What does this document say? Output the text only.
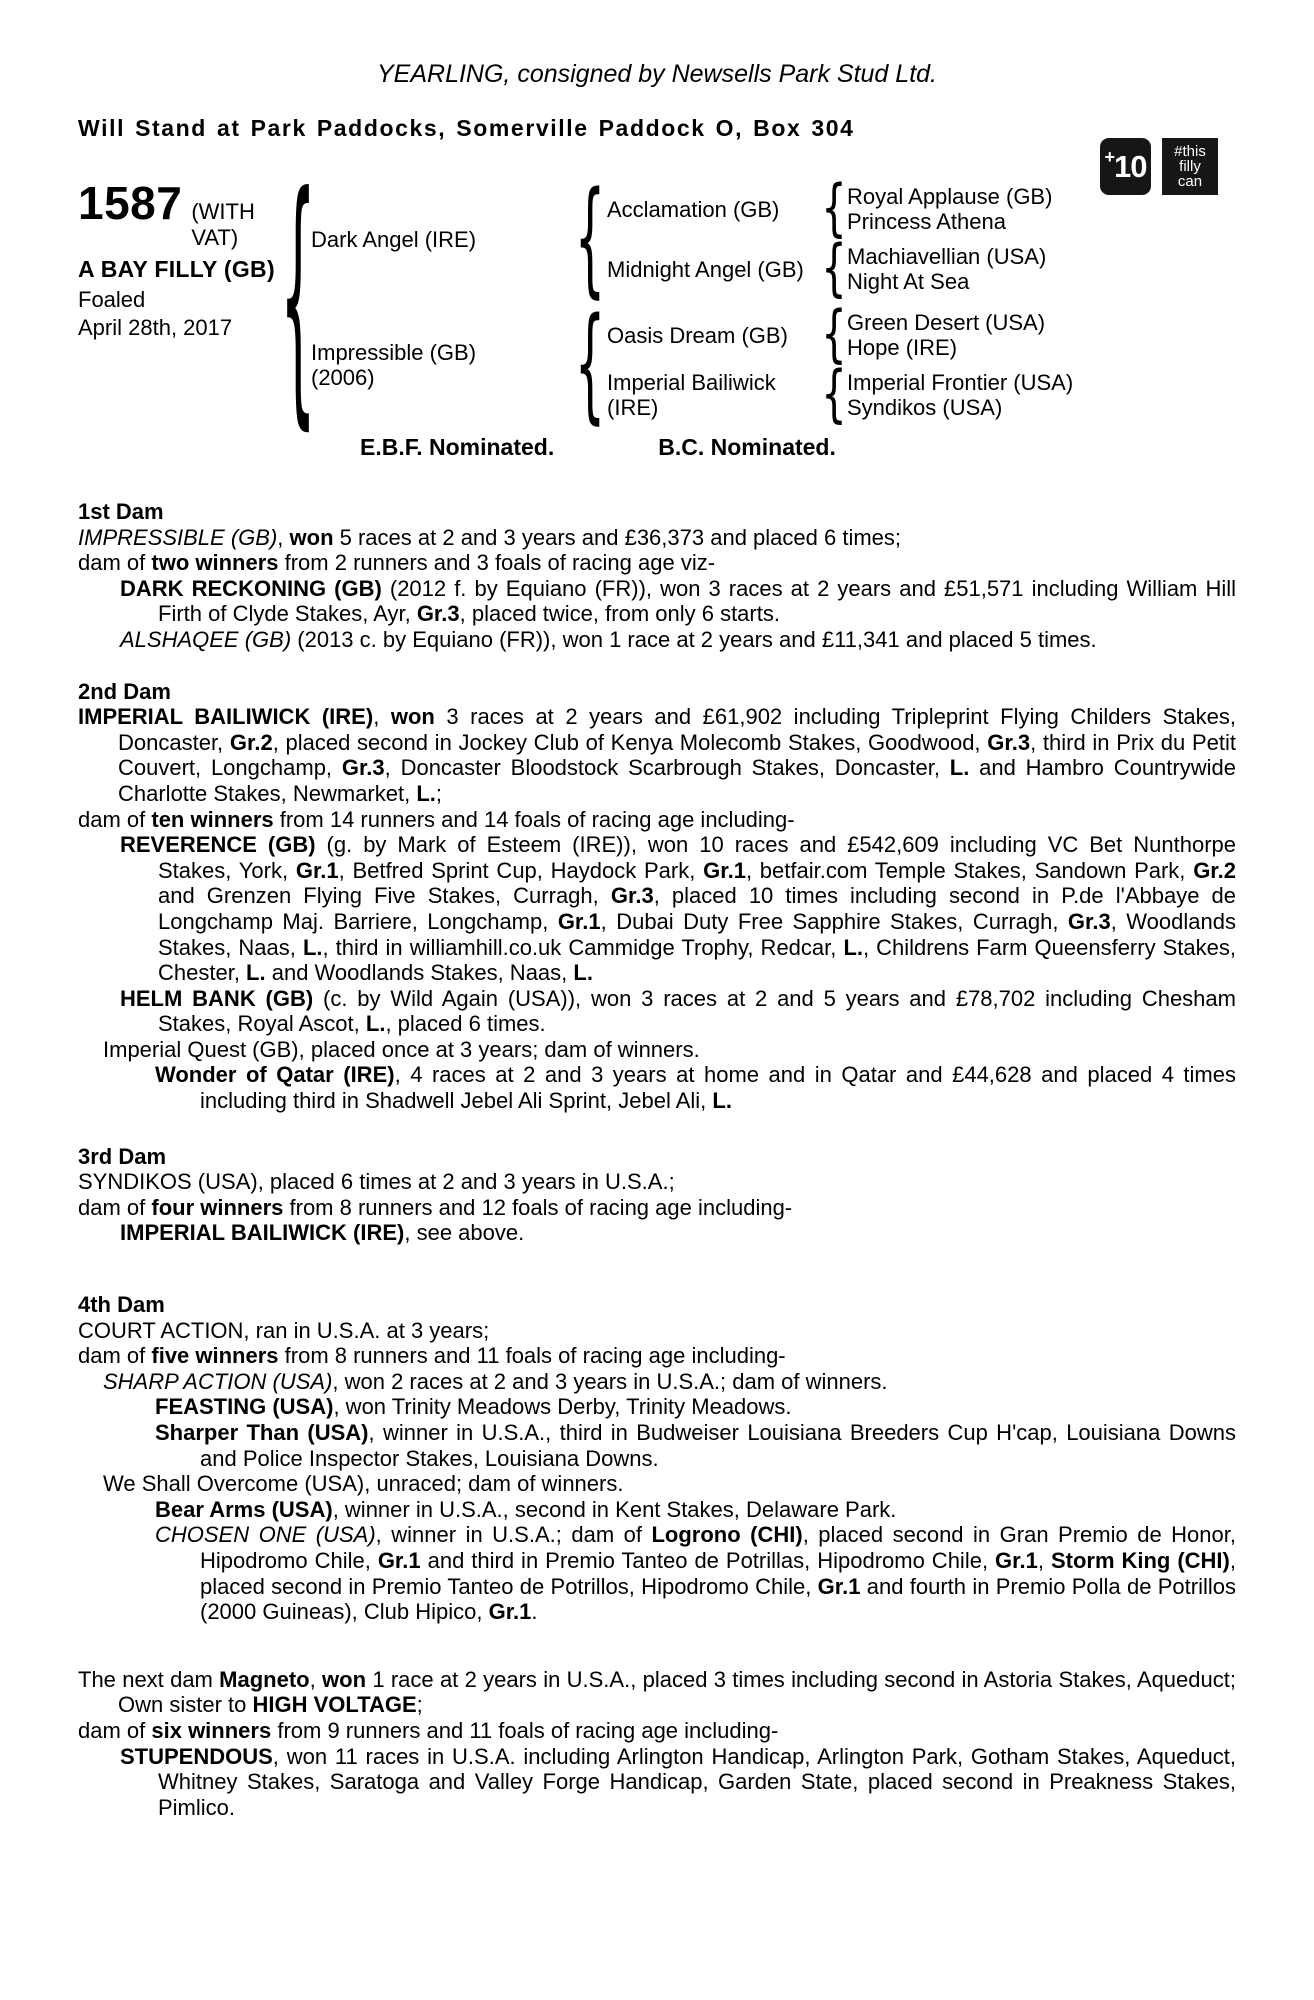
YEARLING, consigned by Newsells Park Stud Ltd.
Will Stand at Park Paddocks, Somerville Paddock O, Box 304
1587 (WITH VAT)
A BAY FILLY (GB)
Foaled
April 28th, 2017
{
Dark Angel (IRE)
{
Acclamation (GB) {	Royal Applause (GB)
Princess Athena
Midnight Angel (GB) {	Machiavellian (USA)
Night At Sea
Impressible (GB)
(2006)
{
Oasis Dream (GB) {	Green Desert (USA)
Hope (IRE)
Imperial Bailiwick (IRE)
{
Imperial Frontier (USA)
Syndikos (USA)
E.B.F. Nominated.	B.C. Nominated.
1st Dam

IMPRESSIBLE (GB), won 5 races at 2 and 3 years and £36,373 and placed 6 times;

dam of two winners from 2 runners and 3 foals of racing age viz-

DARK RECKONING (GB) (2012 f. by Equiano (FR)), won 3 races at 2 years and £51,571 including William Hill Firth of Clyde Stakes, Ayr, Gr.3, placed twice, from only 6 starts.

ALSHAQEE (GB) (2013 c. by Equiano (FR)), won 1 race at 2 years and £11,341 and placed 5 times.

2nd Dam

IMPERIAL BAILIWICK (IRE), won 3 races at 2 years and £61,902 including Tripleprint Flying Childers Stakes, Doncaster, Gr.2, placed second in Jockey Club of Kenya Molecomb Stakes, Goodwood, Gr.3, third in Prix du Petit Couvert, Longchamp, Gr.3, Doncaster Bloodstock Scarbrough Stakes, Doncaster, L. and Hambro Countrywide Charlotte Stakes, Newmarket, L.;

dam of ten winners from 14 runners and 14 foals of racing age including-

REVERENCE (GB) (g. by Mark of Esteem (IRE)), won 10 races and £542,609 including VC Bet Nunthorpe Stakes, York, Gr.1, Betfred Sprint Cup, Haydock Park, Gr.1, betfair.com Temple Stakes, Sandown Park, Gr.2 and Grenzen Flying Five Stakes, Curragh, Gr.3, placed 10 times including second in P.de l'Abbaye de Longchamp Maj. Barriere, Longchamp, Gr.1, Dubai Duty Free Sapphire Stakes, Curragh, Gr.3, Woodlands Stakes, Naas, L., third in williamhill.co.uk Cammidge Trophy, Redcar, L., Childrens Farm Queensferry Stakes, Chester, L. and Woodlands Stakes, Naas, L.

HELM BANK (GB) (c. by Wild Again (USA)), won 3 races at 2 and 5 years and £78,702 including Chesham Stakes, Royal Ascot, L., placed 6 times.

Imperial Quest (GB), placed once at 3 years; dam of winners.

Wonder of Qatar (IRE), 4 races at 2 and 3 years at home and in Qatar and £44,628 and placed 4 times including third in Shadwell Jebel Ali Sprint, Jebel Ali, L.

3rd Dam

SYNDIKOS (USA), placed 6 times at 2 and 3 years in U.S.A.;

dam of four winners from 8 runners and 12 foals of racing age including-

IMPERIAL BAILIWICK (IRE), see above.

4th Dam

COURT ACTION, ran in U.S.A. at 3 years;

dam of five winners from 8 runners and 11 foals of racing age including-

SHARP ACTION (USA), won 2 races at 2 and 3 years in U.S.A.; dam of winners.

FEASTING (USA), won Trinity Meadows Derby, Trinity Meadows.

Sharper Than (USA), winner in U.S.A., third in Budweiser Louisiana Breeders Cup H'cap, Louisiana Downs and Police Inspector Stakes, Louisiana Downs.

We Shall Overcome (USA), unraced; dam of winners.

Bear Arms (USA), winner in U.S.A., second in Kent Stakes, Delaware Park.

CHOSEN ONE (USA), winner in U.S.A.; dam of Logrono (CHI), placed second in Gran Premio de Honor, Hipodromo Chile, Gr.1 and third in Premio Tanteo de Potrillas, Hipodromo Chile, Gr.1, Storm King (CHI), placed second in Premio Tanteo de Potrillos, Hipodromo Chile, Gr.1 and fourth in Premio Polla de Potrillos (2000 Guineas), Club Hipico, Gr.1.

The next dam Magneto, won 1 race at 2 years in U.S.A., placed 3 times including second in Astoria Stakes, Aqueduct; Own sister to HIGH VOLTAGE;

dam of six winners from 9 runners and 11 foals of racing age including-

STUPENDOUS, won 11 races in U.S.A. including Arlington Handicap, Arlington Park, Gotham Stakes, Aqueduct, Whitney Stakes, Saratoga and Valley Forge Handicap, Garden State, placed second in Preakness Stakes, Pimlico.

+ 10 #this
filly
can
